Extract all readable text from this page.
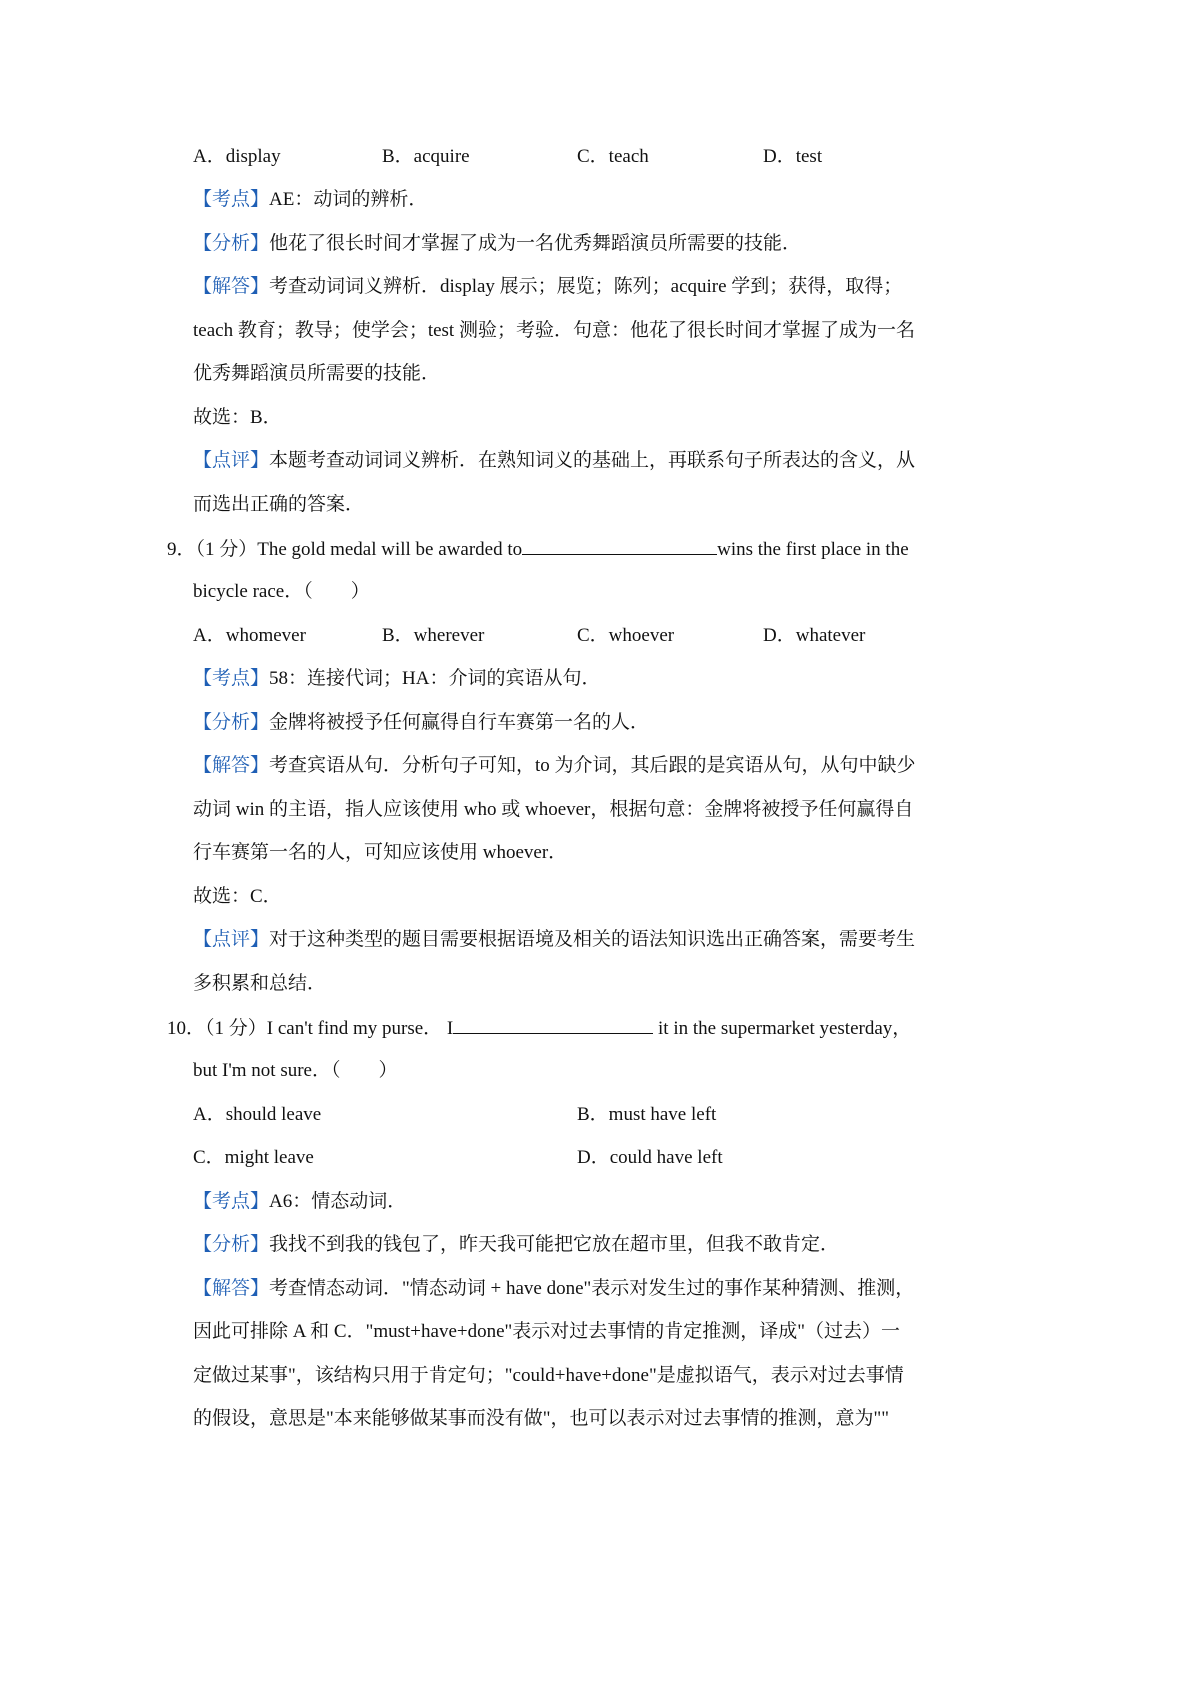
A．display	B．acquire	C．teach	D．test
【考点】AE：动词的辨析．
【分析】他花了很长时间才掌握了成为一名优秀舞蹈演员所需要的技能．
【解答】考查动词词义辨析．display 展示；展览；陈列；acquire 学到；获得，取得；
teach 教育；教导；使学会；test 测验；考验．句意：他花了很长时间才掌握了成为一名
优秀舞蹈演员所需要的技能．
故选：B．
【点评】本题考查动词词义辨析．在熟知词义的基础上，再联系句子所表达的含义，从
而选出正确的答案．
9．（1 分）The gold medal will be awarded to	wins the first place in the
bicycle race．（　　）
A．whomever	B．wherever	C．whoever	D．whatever
【考点】58：连接代词；HA：介词的宾语从句．
【分析】金牌将被授予任何赢得自行车赛第一名的人．
【解答】考查宾语从句．分析句子可知，to 为介词，其后跟的是宾语从句，从句中缺少
动词 win 的主语，指人应该使用 who 或 whoever，根据句意：金牌将被授予任何赢得自
行车赛第一名的人，可知应该使用 whoever．
故选：C．
【点评】对于这种类型的题目需要根据语境及相关的语法知识选出正确答案，需要考生
多积累和总结．
10．（1 分）I can't find my purse． I	it in the supermarket yesterday，
but I'm not sure．（　　）
A．should leave	B．must have left
C．might leave	D．could have left
【考点】A6：情态动词．
【分析】我找不到我的钱包了，昨天我可能把它放在超市里，但我不敢肯定．
【解答】考查情态动词．"情态动词 + have done"表示对发生过的事作某种猜测、推测，
因此可排除 A 和 C．"must+have+done"表示对过去事情的肯定推测，译成"（过去）一
定做过某事"，该结构只用于肯定句；"could+have+done"是虚拟语气，表示对过去事情
的假设，意思是"本来能够做某事而没有做"，也可以表示对过去事情的推测，意为""
